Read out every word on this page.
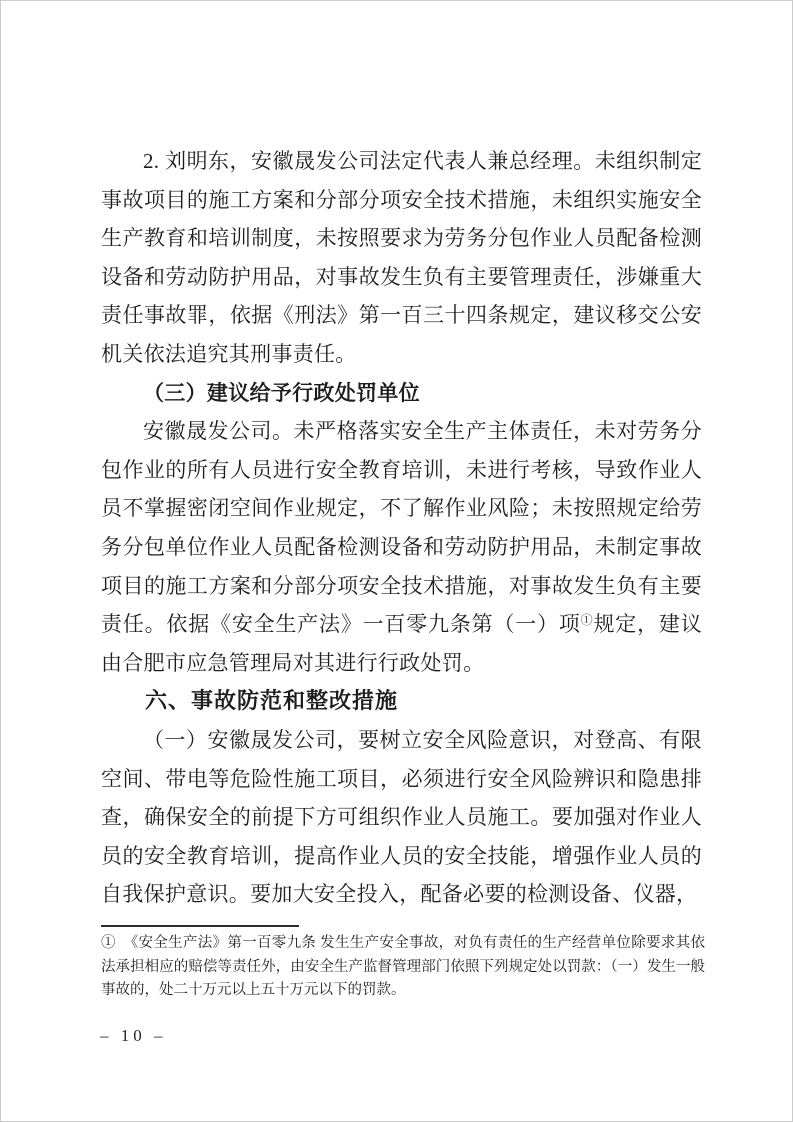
2. 刘明东，安徽晟发公司法定代表人兼总经理。未组织制定事故项目的施工方案和分部分项安全技术措施，未组织实施安全生产教育和培训制度，未按照要求为劳务分包作业人员配备检测设备和劳动防护用品，对事故发生负有主要管理责任，涉嫌重大责任事故罪，依据《刑法》第一百三十四条规定，建议移交公安机关依法追究其刑事责任。

（三）建议给予行政处罚单位

安徽晟发公司。未严格落实安全生产主体责任，未对劳务分包作业的所有人员进行安全教育培训，未进行考核，导致作业人员不掌握密闭空间作业规定，不了解作业风险；未按照规定给劳务分包单位作业人员配备检测设备和劳动防护用品，未制定事故项目的施工方案和分部分项安全技术措施，对事故发生负有主要责任。依据《安全生产法》一百零九条第（一）项①规定，建议由合肥市应急管理局对其进行行政处罚。

六、事故防范和整改措施

（一）安徽晟发公司，要树立安全风险意识，对登高、有限空间、带电等危险性施工项目，必须进行安全风险辨识和隐患排查，确保安全的前提下方可组织作业人员施工。要加强对作业人员的安全教育培训，提高作业人员的安全技能，增强作业人员的自我保护意识。要加大安全投入，配备必要的检测设备、仪器，

① 《安全生产法》第一百零九条 发生生产安全事故，对负有责任的生产经营单位除要求其依法承担相应的赔偿等责任外，由安全生产监督管理部门依照下列规定处以罚款：（一）发生一般事故的，处二十万元以上五十万元以下的罚款。

– 10 –
